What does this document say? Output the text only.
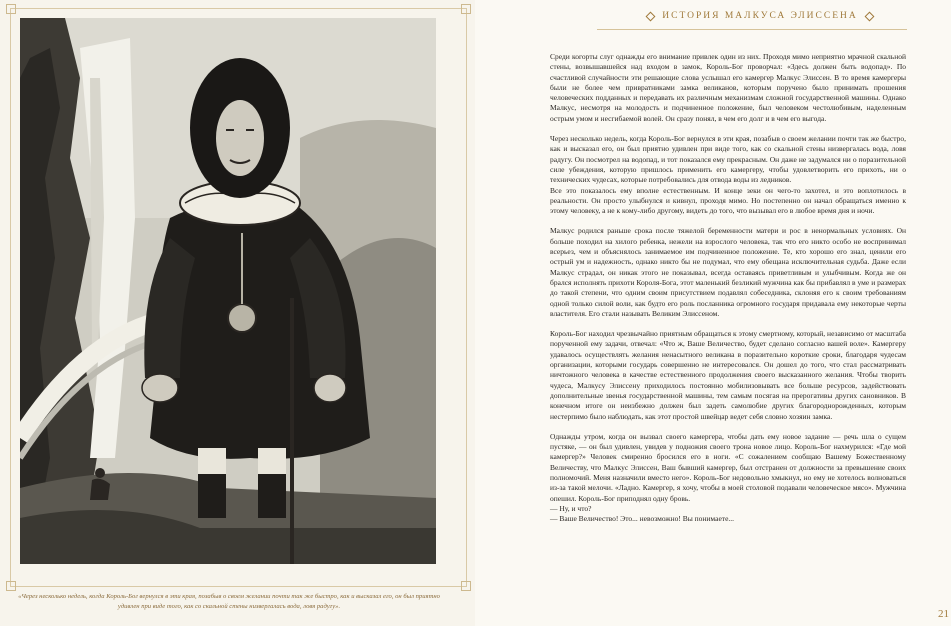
«Через несколько недель, когда Король-Бог вернулся в эти края, позабыв о своем желании почти так же быстро, как и высказал его, он был приятно удивлен при виде того, как со скальной стены низвергалась вода, ловя радугу».
ИСТОРИЯ МАЛКУСА ЭЛИССЕНА

Среди когорты слуг однажды его внимание привлек один из них. Проходя мимо неприятно мрачной скальной стены, возвышавшейся над входом в замок, Король-Бог проворчал: «Здесь должен быть водопад». По счастливой случайности эти решающие слова услышал его камергер Малкус Элиссен. В то время камергеры были не более чем привратниками замка великанов, которым поручено было принимать прошения человеческих подданных и передавать их различным механизмам сложной государственной машины. Однако Малкус, несмотря на молодость и подчиненное положение, был человеком честолюбивым, наделенным острым умом и несгибаемой волей. Он сразу понял, в чем его долг и в чем его выгода.

Через несколько недель, когда Король-Бог вернулся в эти края, позабыв о своем желании почти так же быстро, как и высказал его, он был приятно удивлен при виде того, как со скальной стены низвергалась вода, ловя радугу. Он посмотрел на водопад, и тот показался ему прекрасным. Он даже не задумался ни о поразительной силе убеждения, которую пришлось применить его камергеру, чтобы удовлетворить его прихоть, ни о технических чудесах, которые потребовались для отвода воды из ледников.

Все это показалось ему вполне естественным. И конце зеки он чего-то захотел, и это воплотилось в реальности. Он просто улыбнулся и кивнул, проходя мимо. Но постепенно он начал обращаться именно к этому человеку, а не к кому-либо другому, видеть до того, что вызывал его в любое время дня и ночи.

Малкус родился раньше срока после тяжелой беременности матери и рос в ненормальных условиях. Он больше походил на хилого ребенка, нежели на взрослого человека, так что его никто особо не воспринимал всерьез, чем и объяснялось занимаемое им подчиненное положение. Те, кто хорошо его знал, ценили его острый ум и надежность, однако никто бы не подумал, что ему обещана исключительная судьба. Даже если Малкус страдал, он никак этого не показывал, всегда оставаясь приветливым и улыбчивым. Когда же он брался исполнять прихоти Короля-Бога, этот маленький безликий мужчина как бы прибавлял в уме и размерах до такой степени, что одним своим присутствием подавлял собеседника, склоняя его к своим требованиям одной только силой воли, как будто его роль посланника огромного государя придавала ему некоторые черты властителя. Его стали называть Великим Элиссеном.

Король-Бог находил чрезвычайно приятным обращаться к этому смертному, который, независимо от масштаба порученной ему задачи, отвечал: «Что ж, Ваше Величество, будет сделано согласно вашей воле». Камергеру удавалось осуществлять желания ненасытного великана в поразительно короткие сроки, благодаря чудесам организации, которыми государь совершенно не интересовался. Он дошел до того, что стал рассматривать ничтожного человека в качестве естественного продолжения своего высказанного желания. Чтобы творить чудеса, Малкусу Элиссену приходилось постоянно мобилизовывать все больше ресурсов, задействовать дополнительные звенья государственной машины, тем самым посягая на прерогативы других сановников. В конечном итоге он неизбежно должен был задеть самолюбие других благороднорожденных, которым нестерпимо было наблюдать, как этот простой швейцар ведет себя словно хозяин замка.

Однажды утром, когда он вызвал своего камергера, чтобы дать ему новое задание — речь шла о сущем пустяке, — он был удивлен, увидев у подножия своего трона новое лицо. Король-Бог нахмурился: «Где мой камергер?» Человек смиренно бросился его в ноги. «С сожалением сообщаю Вашему Божественному Величеству, что Малкус Элиссен, Ваш бывший камергер, был отстранен от должности за превышение своих полномочий. Меня назначили вместо него». Король-Бог недовольно хмыкнул, но ему не хотелось волноваться из-за такой мелочи. «Ладно. Камергер, я хочу, чтобы в моей столовой подавали человеческое мясо». Мужчина опешил. Король-Бог приподнял одну бровь.

— Ну, и что?

— Ваше Величество! Это... невозможно! Вы понимаете...

21
